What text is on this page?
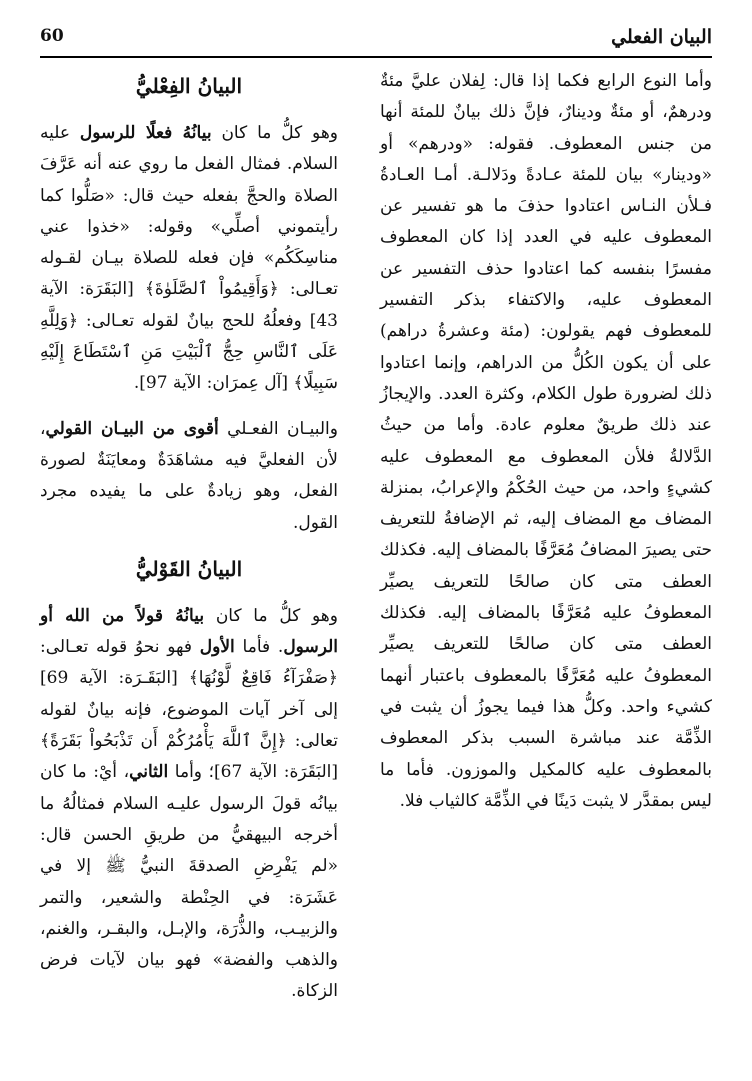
البيان الفعلي
60

وأما النوع الرابع فكما إذا قال: لِفلان عليَّ مئةٌ ودرهمٌ، أو مئةٌ ودينارٌ، فإنَّ ذلك بيانٌ للمئة أنها من جنس المعطوف. فقوله: «ودرهم» أو «ودينار» بيان للمئة عـادةً ودَلالـة. أمـا العـادةُ فـلأن النـاس اعتادوا حذفَ ما هو تفسير عن المعطوف عليه في العدد إذا كان المعطوف مفسرًا بنفسه كما اعتادوا حذف التفسير عن المعطوف عليه، والاكتفاء بذكر التفسير للمعطوف فهم يقولون: (مئة وعشرةُ دراهم) على أن يكون الكُلُّ من الدراهم، وإنما اعتادوا ذلك لضرورة طول الكلام، وكثرة العدد. والإيجازُ عند ذلك طريقٌ معلوم عادة. وأما من حيثُ الدَّلالةُ فلأن المعطوف مع المعطوف عليه كشيءٍ واحد، من حيث الحُكْمُ والإعرابُ، بمنزلة المضاف مع المضاف إليه، ثم الإضافةُ للتعريف حتى يصيرَ المضافُ مُعَرَّفًا بالمضاف إليه. فكذلك العطف متى كان صالحًا للتعريف يصيِّر المعطوفُ عليه مُعَرَّفًا بالمضاف إليه. فكذلك العطف متى كان صالحًا للتعريف يصيِّر المعطوفُ عليه مُعَرَّفًا بالمعطوف باعتبار أنهما كشيء واحد. وكلُّ هذا فيما يجوزُ أن يثبت في الذِّمَّة عند مباشرة السبب بذكر المعطوف بالمعطوف عليه كالمكيل والموزون. فأما ما ليس بمقدَّر لا يثبت دَينًا في الذِّمَّة كالثياب فلا.

البيانُ الفِعْليُّ

وهو كلُّ ما كان بيانُهُ فعلًا للرسول عليه السلام. فمثال الفعل ما روي عنه أنه عَرَّفَ الصلاة والحجَّ بفعله حيث قال: «صَلُّوا كما رأيتموني أصلِّي» وقوله: «خذوا عني مناسِكَكُم» فإن فعله للصلاة بيـان لقـوله تعـالى: ﴿وَأَقِيمُواْ ٱلصَّلَوٰةَ﴾ [البَقَرَة: الآية 43] وفعلُهُ للحج بيانٌ لقوله تعـالى: ﴿وَلِلَّهِ عَلَى ٱلنَّاسِ حِجُّ ٱلْبَيْتِ مَنِ ٱسْتَطَاعَ إِلَيْهِ سَبِيلًا﴾ [آل عِمرَان: الآية 97].

والبيـان الفعـلي أقوى من البيـان القولي، لأن الفعليَّ فيه مشاهَدَةٌ ومعايَنَةٌ لصورة الفعل، وهو زيادةٌ على ما يفيده مجرد القول.

البيانُ القَوْليُّ

وهو كلُّ ما كان بيانُهُ قولاً من الله أو الرسول. فأما الأول فهو نحوُ قوله تعـالى: ﴿صَفْرَآءُ فَاقِعٌ لَّوْنُهَا﴾ [البَقَـرَة: الآية 69] إلى آخر آيات الموضوع، فإنه بيانٌ لقوله تعالى: ﴿إِنَّ ٱللَّهَ يَأْمُرُكُمْ أَن تَذْبَحُواْ بَقَرَةً﴾ [البَقَرَة: الآية 67]؛ وأما الثاني، أيْ: ما كان بيانُه قولَ الرسول عليـه السلام فمثالُهُ ما أخرجه البيهقيُّ من طريقِ الحسن قال: «لم يَفْرِضِ الصدقةَ النبيُّ ﷺ إلا في عَشَرَة: في الحِنْطة والشعير، والتمر والزبيـب، والذُّرَة، والإبـل، والبقـر، والغنم، والذهب والفضة» فهو بيان لآيات فرض الزكاة.
